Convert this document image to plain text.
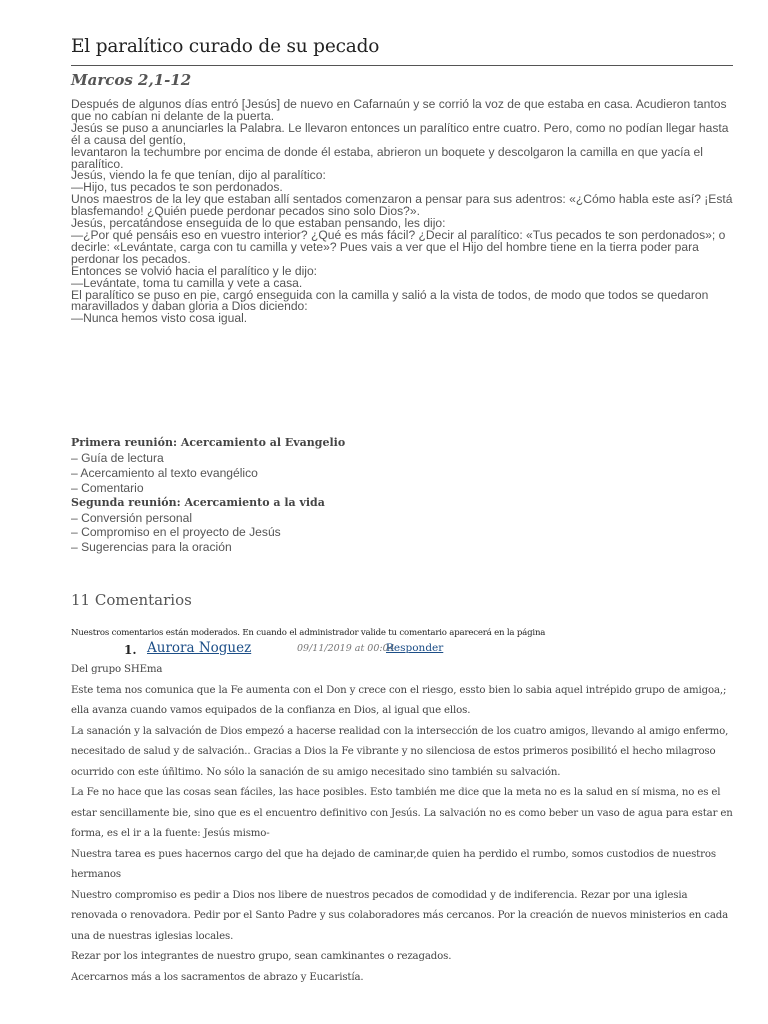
El paralítico curado de su pecado
Marcos 2,1-12

Después de algunos días entró [Jesús] de nuevo en Cafarnaún y se corrió la voz de que estaba en casa. Acudieron tantos que no cabían ni delante de la puerta.

Jesús se puso a anunciarles la Palabra. Le llevaron entonces un paralítico entre cuatro. Pero, como no podían llegar hasta él a causa del gentío,

levantaron la techumbre por encima de donde él estaba, abrieron un boquete y descolgaron la camilla en que yacía el paralítico.

Jesús, viendo la fe que tenían, dijo al paralítico:

—Hijo, tus pecados te son perdonados.

Unos maestros de la ley que estaban allí sentados comenzaron a pensar para sus adentros: «¿Cómo habla este así? ¡Está blasfemando! ¿Quién puede perdonar pecados sino solo Dios?».

Jesús, percatándose enseguida de lo que estaban pensando, les dijo:

—¿Por qué pensáis eso en vuestro interior? ¿Qué es más fácil? ¿Decir al paralítico: «Tus pecados te son perdonados»; o decirle: «Levántate, carga con tu camilla y vete»? Pues vais a ver que el Hijo del hombre tiene en la tierra poder para perdonar los pecados.

Entonces se volvió hacia el paralítico y le dijo:

—Levántate, toma tu camilla y vete a casa.

El paralítico se puso en pie, cargó enseguida con la camilla y salió a la vista de todos, de modo que todos se quedaron maravillados y daban gloria a Dios diciendo:

—Nunca hemos visto cosa igual.

Primera reunión: Acercamiento al Evangelio
– Guía de lectura
– Acercamiento al texto evangélico
– Comentario
Segunda reunión: Acercamiento a la vida
– Conversión personal
– Compromiso en el proyecto de Jesús
– Sugerencias para la oración
11 Comentarios
Nuestros comentarios están moderados. En cuando el administrador valide tu comentario aparecerá en la página
1. Aurora Noguez	09/11/2019 at 00:04
Responder

Del grupo SHEma

Este tema nos comunica que la Fe aumenta con el Don y crece con el riesgo, essto bien lo sabia aquel intrépido grupo de amigoa,; ella avanza cuando vamos equipados de la confianza en Dios, al igual que ellos.

La sanación y la salvación de Dios empezó a hacerse realidad con la intersección de los cuatro amigos, llevando al amigo enfermo, necesitado de salud y de salvación.. Gracias a Dios la Fe vibrante y no silenciosa de estos primeros posibilitó el hecho milagroso ocurrido con este úñltimo. No sólo la sanación de su amigo necesitado sino también su salvación.

La Fe no hace que las cosas sean fáciles, las hace posibles. Esto también me dice que la meta no es la salud en sí misma, no es el estar sencillamente bie, sino que es el encuentro definitivo con Jesús. La salvación no es como beber un vaso de agua para estar en forma, es el ir a la fuente: Jesús mismo-

Nuestra tarea es pues hacernos cargo del que ha dejado de caminar,de quien ha perdido el rumbo, somos custodios de nuestros hermanos

Nuestro compromiso es pedir a Dios nos libere de nuestros pecados de comodidad y de indiferencia. Rezar por una iglesia renovada o renovadora. Pedir por el Santo Padre y sus colaboradores más cercanos. Por la creación de nuevos ministerios en cada una de nuestras iglesias locales.

Rezar por los integrantes de nuestro grupo, sean camkinantes o rezagados.

Acercarnos más a los sacramentos de abrazo y Eucaristía.
